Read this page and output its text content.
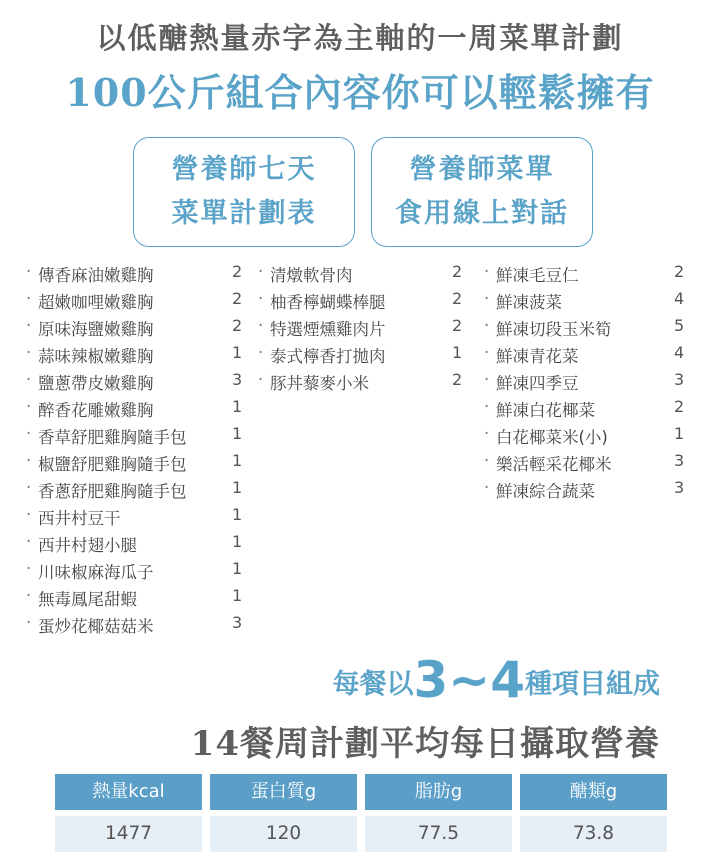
以低醣熱量赤字為主軸的一周菜單計劃
100公斤組合內容你可以輕鬆擁有
營養師七天
菜單計劃表
營養師菜單
食用線上對話
· 傳香麻油嫩雞胸	2
· 超嫩咖哩嫩雞胸	2
· 原味海鹽嫩雞胸	2
· 蒜味辣椒嫩雞胸	1
· 鹽蔥帶皮嫩雞胸	3
· 醉香花雕嫩雞胸	1
· 香草舒肥雞胸隨手包	1
· 椒鹽舒肥雞胸隨手包	1
· 香蔥舒肥雞胸隨手包	1
· 西井村豆干	1
· 西井村翅小腿	1
· 川味椒麻海瓜子	1
· 無毒鳳尾甜蝦	1
· 蛋炒花椰菇菇米	3
· 清燉軟骨肉	2
· 柚香檸蝴蝶棒腿	2
· 特選煙燻雞肉片	2
· 泰式檸香打拋肉	1
· 豚丼藜麥小米	2
· 鮮凍毛豆仁	2
· 鮮凍菠菜	4
· 鮮凍切段玉米筍	5
· 鮮凍青花菜	4
· 鮮凍四季豆	3
· 鮮凍白花椰菜	2
· 白花椰菜米(小)	1
· 樂活輕采花椰米	3
· 鮮凍綜合蔬菜	3
每餐以3~4種項目組成
14餐周計劃平均每日攝取營養
熱量kcal	蛋白質g	脂肪g	醣類g
1477	120	77.5	73.8
